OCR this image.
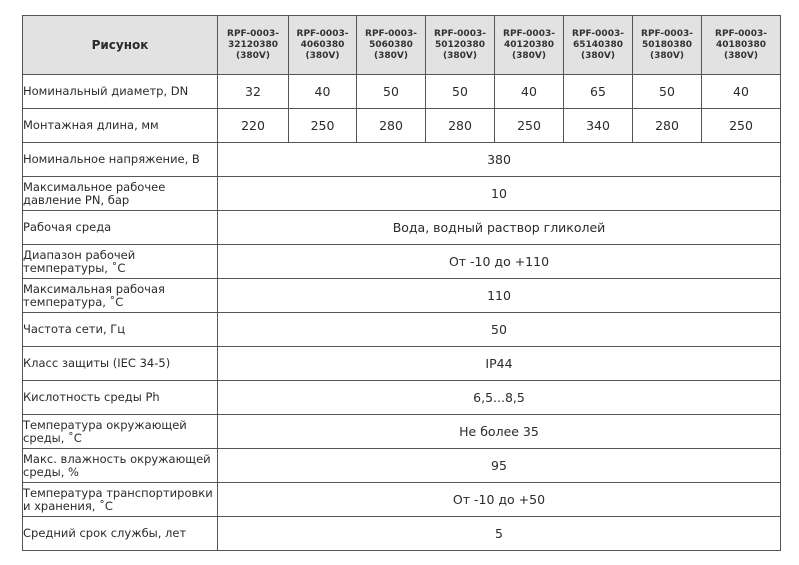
Рисунок	RPF-0003-
32120380
(380V)	RPF-0003-
4060380
(380V)	RPF-0003-
5060380
(380V)	RPF-0003-
50120380
(380V)	RPF-0003-
40120380
(380V)	RPF-0003-
65140380
(380V)	RPF-0003-
50180380
(380V)	RPF-0003-
40180380
(380V)
Номинальный диаметр, DN	32	40	50	50	40	65	50	40
Монтажная длина, мм	220	250	280	280	250	340	280	250
Номинальное напряжение, В	380							
Максимальное рабочее
давление PN, бар	10							
Рабочая среда	Вода, водный раствор гликолей							
Диапазон рабочей
температуры, ˚C	От -10 до +110							
Максимальная рабочая
температура, ˚C	110							
Частота сети, Гц	50							
Класс защиты (IEC 34-5)	IP44							
Кислотность среды Ph	6,5...8,5							
Температура окружающей
среды, ˚C	Не более 35							
Макс. влажность окружающей
среды, %	95							
Температура транспортировки
и хранения, ˚C	От -10 до +50							
Средний срок службы, лет	5							
